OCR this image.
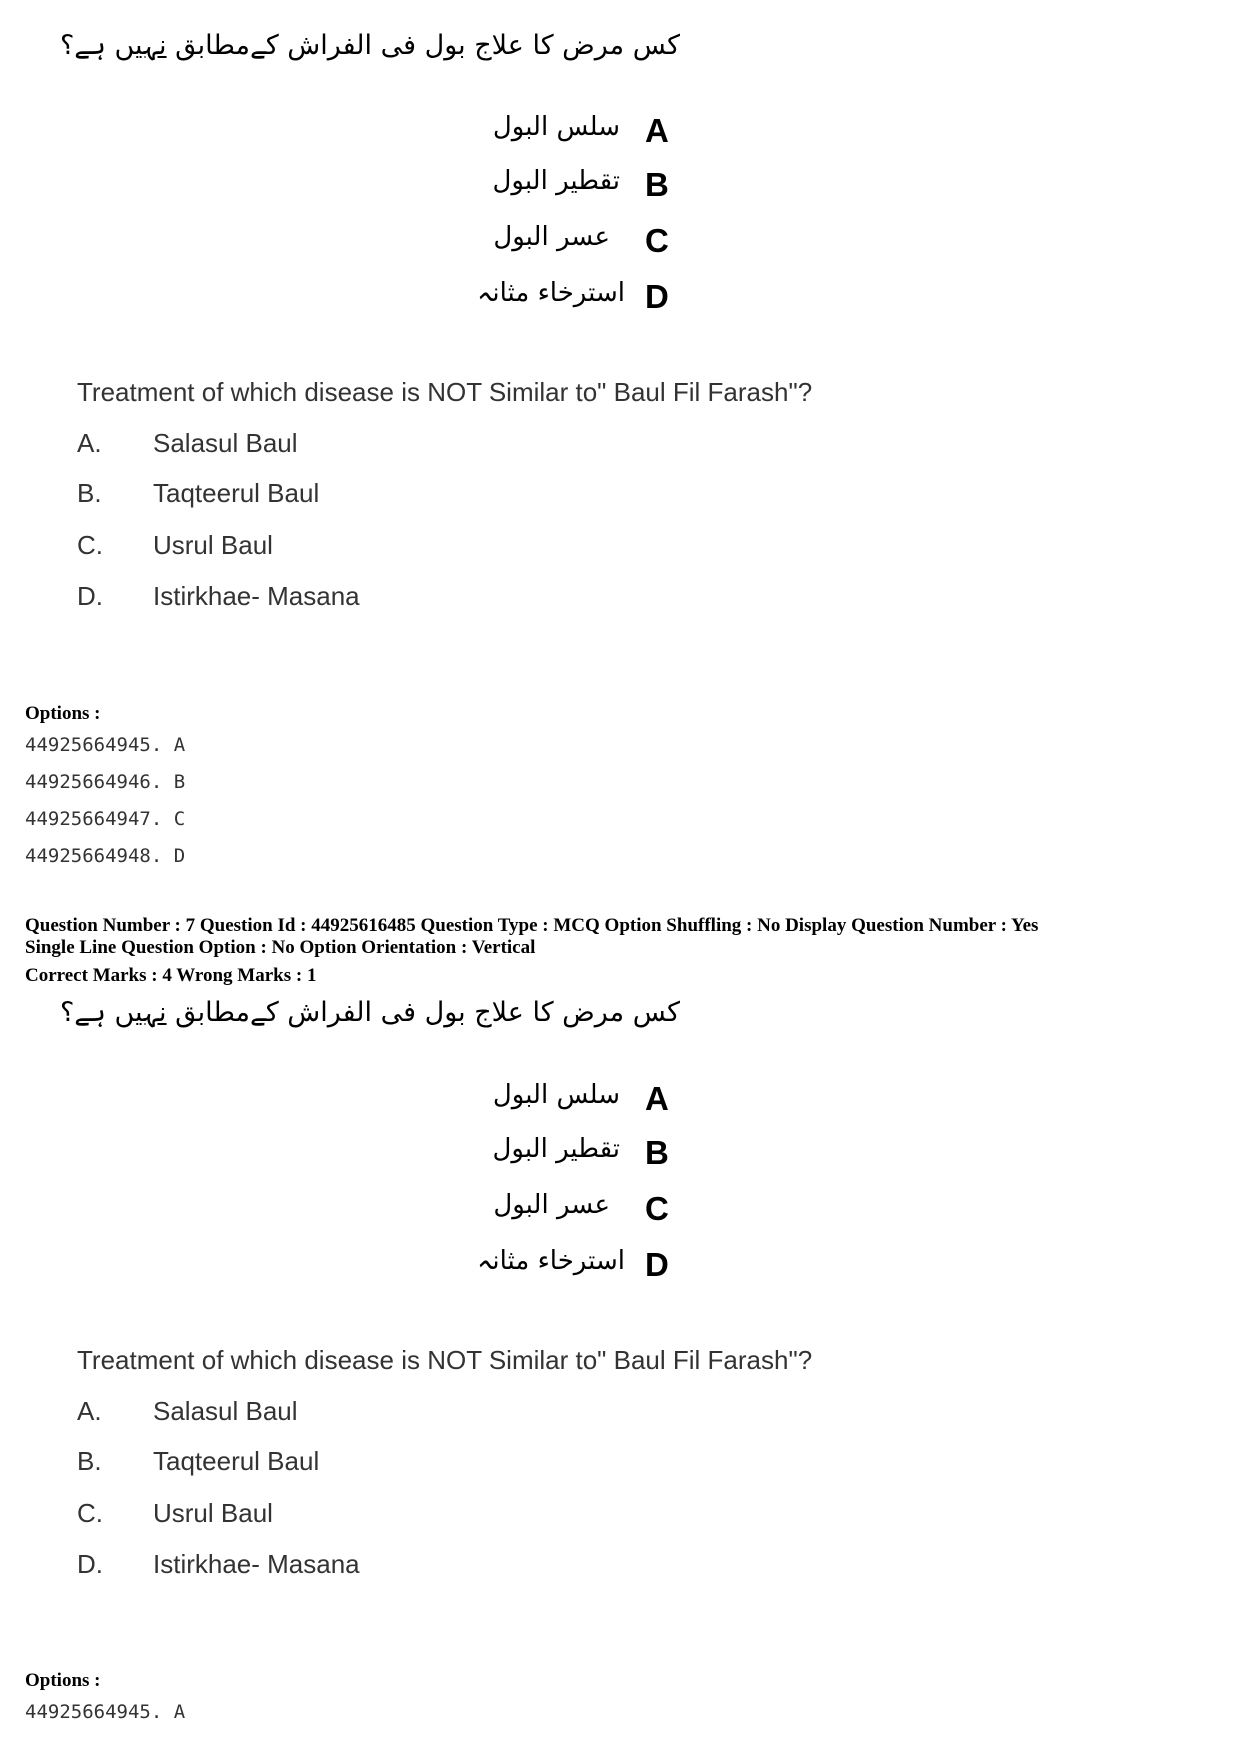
کس مرض کا علاج بول فی الفراش کےمطابق نہیں ہے؟
A
سلس البول
B
تقطیر البول
C
عسر البول
D
استرخاء مثانہ
Treatment of which disease is NOT Similar to" Baul Fil Farash"?
A. Salasul Baul
B. Taqteerul Baul
C. Usrul Baul
D. Istirkhae- Masana
Options :
44925664945. A
44925664946. B
44925664947. C
44925664948. D
Question Number : 7 Question Id : 44925616485 Question Type : MCQ Option Shuffling : No Display Question Number : Yes
Single Line Question Option : No Option Orientation : Vertical
Correct Marks : 4 Wrong Marks : 1
کس مرض کا علاج بول فی الفراش کےمطابق نہیں ہے؟
A
سلس البول
B
تقطیر البول
C
عسر البول
D
استرخاء مثانہ
Treatment of which disease is NOT Similar to" Baul Fil Farash"?
A. Salasul Baul
B. Taqteerul Baul
C. Usrul Baul
D. Istirkhae- Masana
Options :
44925664945. A
